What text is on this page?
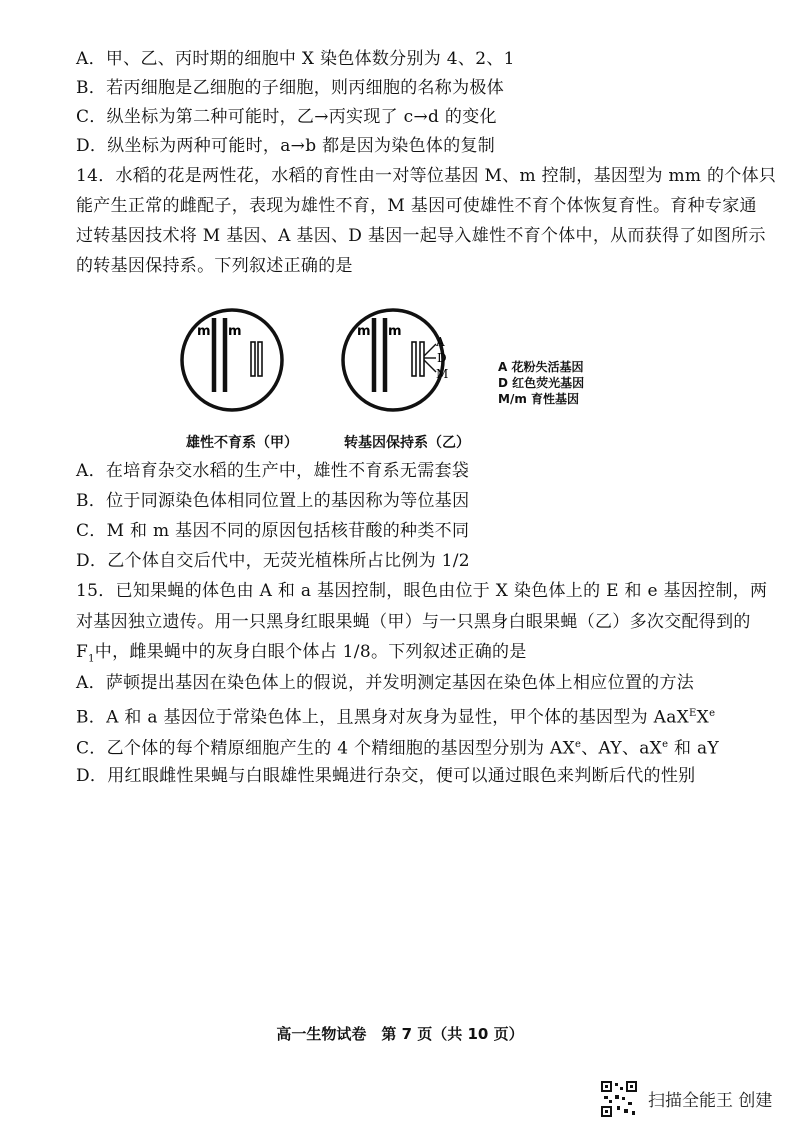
A．甲、乙、丙时期的细胞中 X 染色体数分别为 4、2、1
B．若丙细胞是乙细胞的子细胞，则丙细胞的名称为极体
C．纵坐标为第二种可能时，乙→丙实现了 c→d 的变化
D．纵坐标为两种可能时，a→b 都是因为染色体的复制
14．水稻的花是两性花，水稻的育性由一对等位基因 M、m 控制，基因型为 mm 的个体只
能产生正常的雌配子，表现为雄性不育，M 基因可使雄性不育个体恢复育性。育种专家通
过转基因技术将 M 基因、A 基因、D 基因一起导入雄性不育个体中，从而获得了如图所示
的转基因保持系。下列叙述正确的是
m m	m m
A
D
M	A 花粉失活基因
D 红色荧光基因
M/m 育性基因
雄性不育系（甲）	转基因保持系（乙）
A．在培育杂交水稻的生产中，雄性不育系无需套袋
B．位于同源染色体相同位置上的基因称为等位基因
C．M 和 m 基因不同的原因包括核苷酸的种类不同
D．乙个体自交后代中，无荧光植株所占比例为 1/2
15．已知果蝇的体色由 A 和 a 基因控制，眼色由位于 X 染色体上的 E 和 e 基因控制，两
对基因独立遗传。用一只黑身红眼果蝇（甲）与一只黑身白眼果蝇（乙）多次交配得到的
$F_1$中，雌果蝇中的灰身白眼个体占 1/8。下列叙述正确的是
A．萨顿提出基因在染色体上的假说，并发明测定基因在染色体上相应位置的方法
B．A 和 a 基因位于常染色体上，且黑身对灰身为显性，甲个体的基因型为 AaX$^E$Xe
C．乙个体的每个精原细胞产生的 4 个精细胞的基因型分别为 $AX^e$、AY、$aX^e$ 和 aY
D．用红眼雌性果蝇与白眼雄性果蝇进行杂交，便可以通过眼色来判断后代的性别
高一生物试卷　第 7 页（共 10 页）
扫描全能王 创建
